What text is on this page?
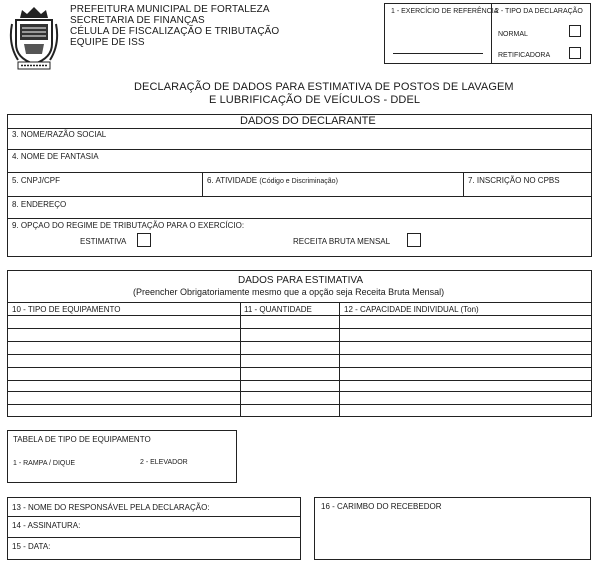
PREFEITURA MUNICIPAL DE FORTALEZA
SECRETARIA DE FINANÇAS
CÉLULA DE FISCALIZAÇÃO E TRIBUTAÇÃO
EQUIPE DE ISS
1 - EXERCÍCIO DE REFERÊNCIA
2 - TIPO DA DECLARAÇÃO
NORMAL
RETIFICADORA
DECLARAÇÃO DE DADOS PARA ESTIMATIVA DE POSTOS DE LAVAGEM
E LUBRIFICAÇÃO DE VEÍCULOS - DDEL
DADOS DO DECLARANTE
3. NOME/RAZÃO SOCIAL
4. NOME DE FANTASIA
5. CNPJ/CPF	6. ATIVIDADE (Código e Discriminação)	7. INSCRIÇÃO NO CPBS
8. ENDEREÇO
9. OPÇAO DO REGIME DE TRIBUTAÇÃO PARA O EXERCÍCIO:
ESTIMATIVA	RECEITA BRUTA MENSAL
DADOS PARA ESTIMATIVA
(Preencher Obrigatoriamente mesmo que a opção seja Receita Bruta Mensal)
10 - TIPO DE EQUIPAMENTO	11 - QUANTIDADE	12 - CAPACIDADE INDIVIDUAL (Ton)
TABELA DE TIPO DE EQUIPAMENTO
1 - RAMPA / DIQUE	2 - ELEVADOR
13 - NOME DO RESPONSÁVEL PELA DECLARAÇÃO:
14 - ASSINATURA:
15 - DATA:
16 - CARIMBO DO RECEBEDOR
